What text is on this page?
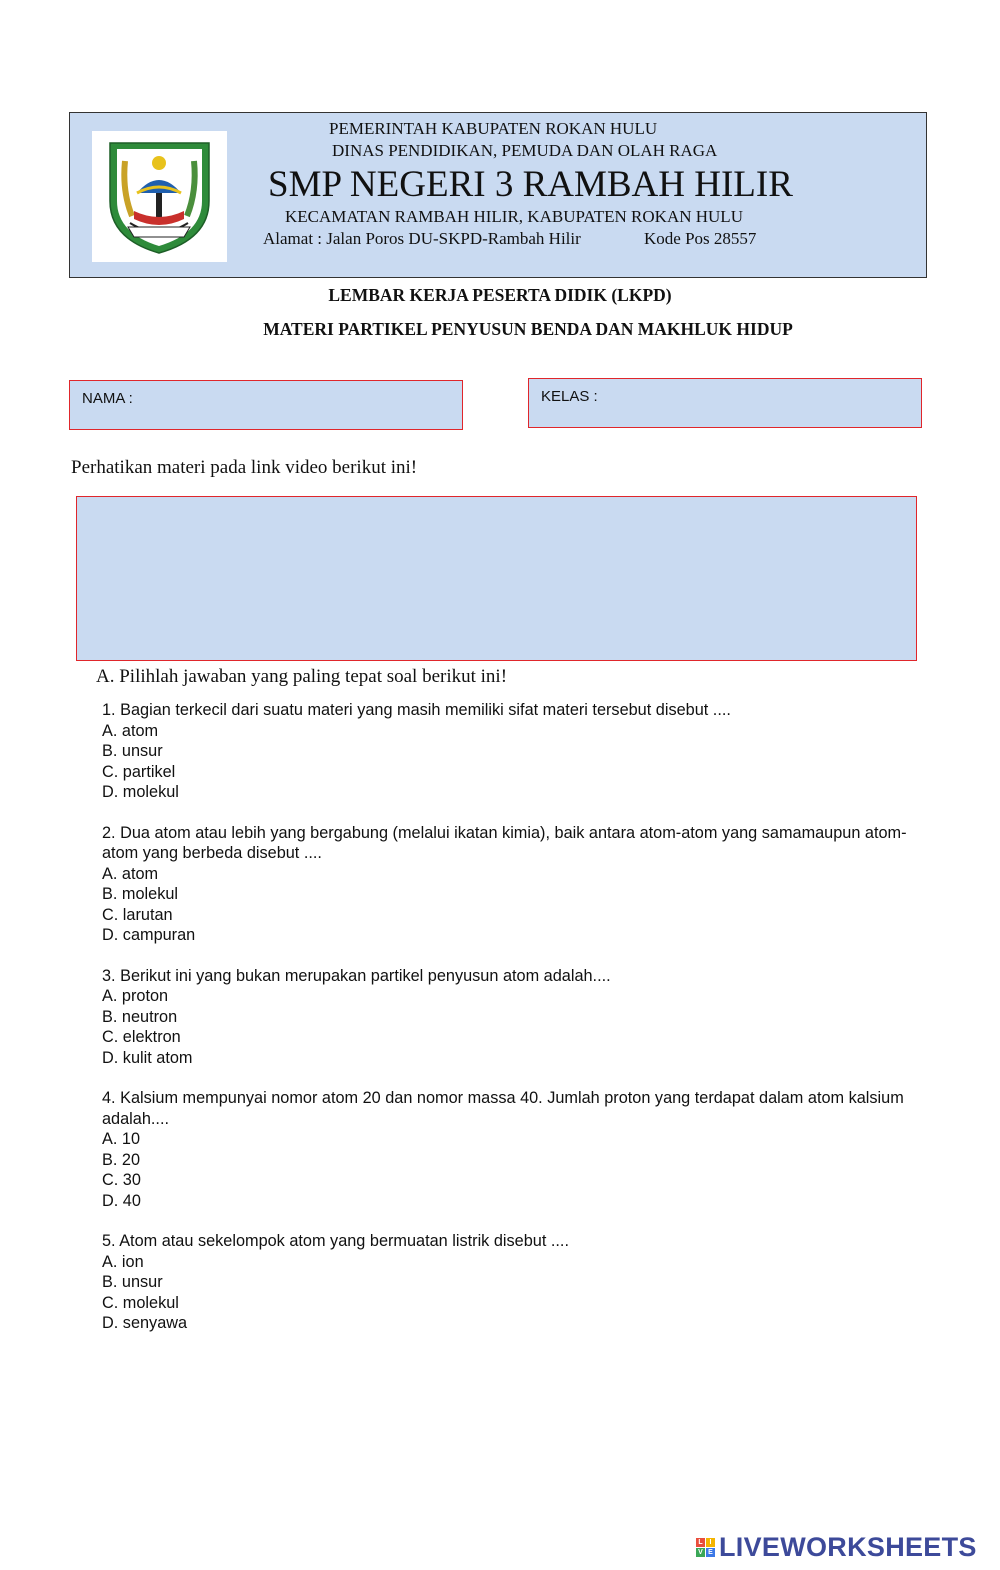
PEMERINTAH KABUPATEN ROKAN HULU
DINAS PENDIDIKAN, PEMUDA DAN OLAH RAGA
SMP NEGERI 3 RAMBAH HILIR
KECAMATAN RAMBAH HILIR, KABUPATEN ROKAN HULU
Alamat : Jalan Poros DU-SKPD-Rambah Hilir	Kode Pos 28557
LEMBAR KERJA PESERTA DIDIK (LKPD)
MATERI PARTIKEL PENYUSUN BENDA DAN MAKHLUK HIDUP
NAMA :	KELAS :
Perhatikan materi pada link video berikut ini!
A. Pilihlah jawaban yang paling tepat soal berikut ini!

1. Bagian terkecil dari suatu materi yang masih memiliki sifat materi tersebut disebut ....

A. atom

B. unsur

C. partikel

D. molekul

2. Dua atom atau lebih yang bergabung (melalui ikatan kimia), baik antara atom-atom yang samamaupun atom-atom yang berbeda disebut ....

A. atom

B. molekul

C. larutan

D. campuran

3. Berikut ini yang bukan merupakan partikel penyusun atom adalah....

A. proton

B. neutron

C. elektron

D. kulit atom

4. Kalsium mempunyai nomor atom 20 dan nomor massa 40. Jumlah proton yang terdapat dalam atom kalsium adalah....

A. 10

B. 20

C. 30

D. 40

5. Atom atau sekelompok atom yang bermuatan listrik disebut ....

A. ion

B. unsur

C. molekul

D. senyawa

L I
V E LIVEWORKSHEETS
